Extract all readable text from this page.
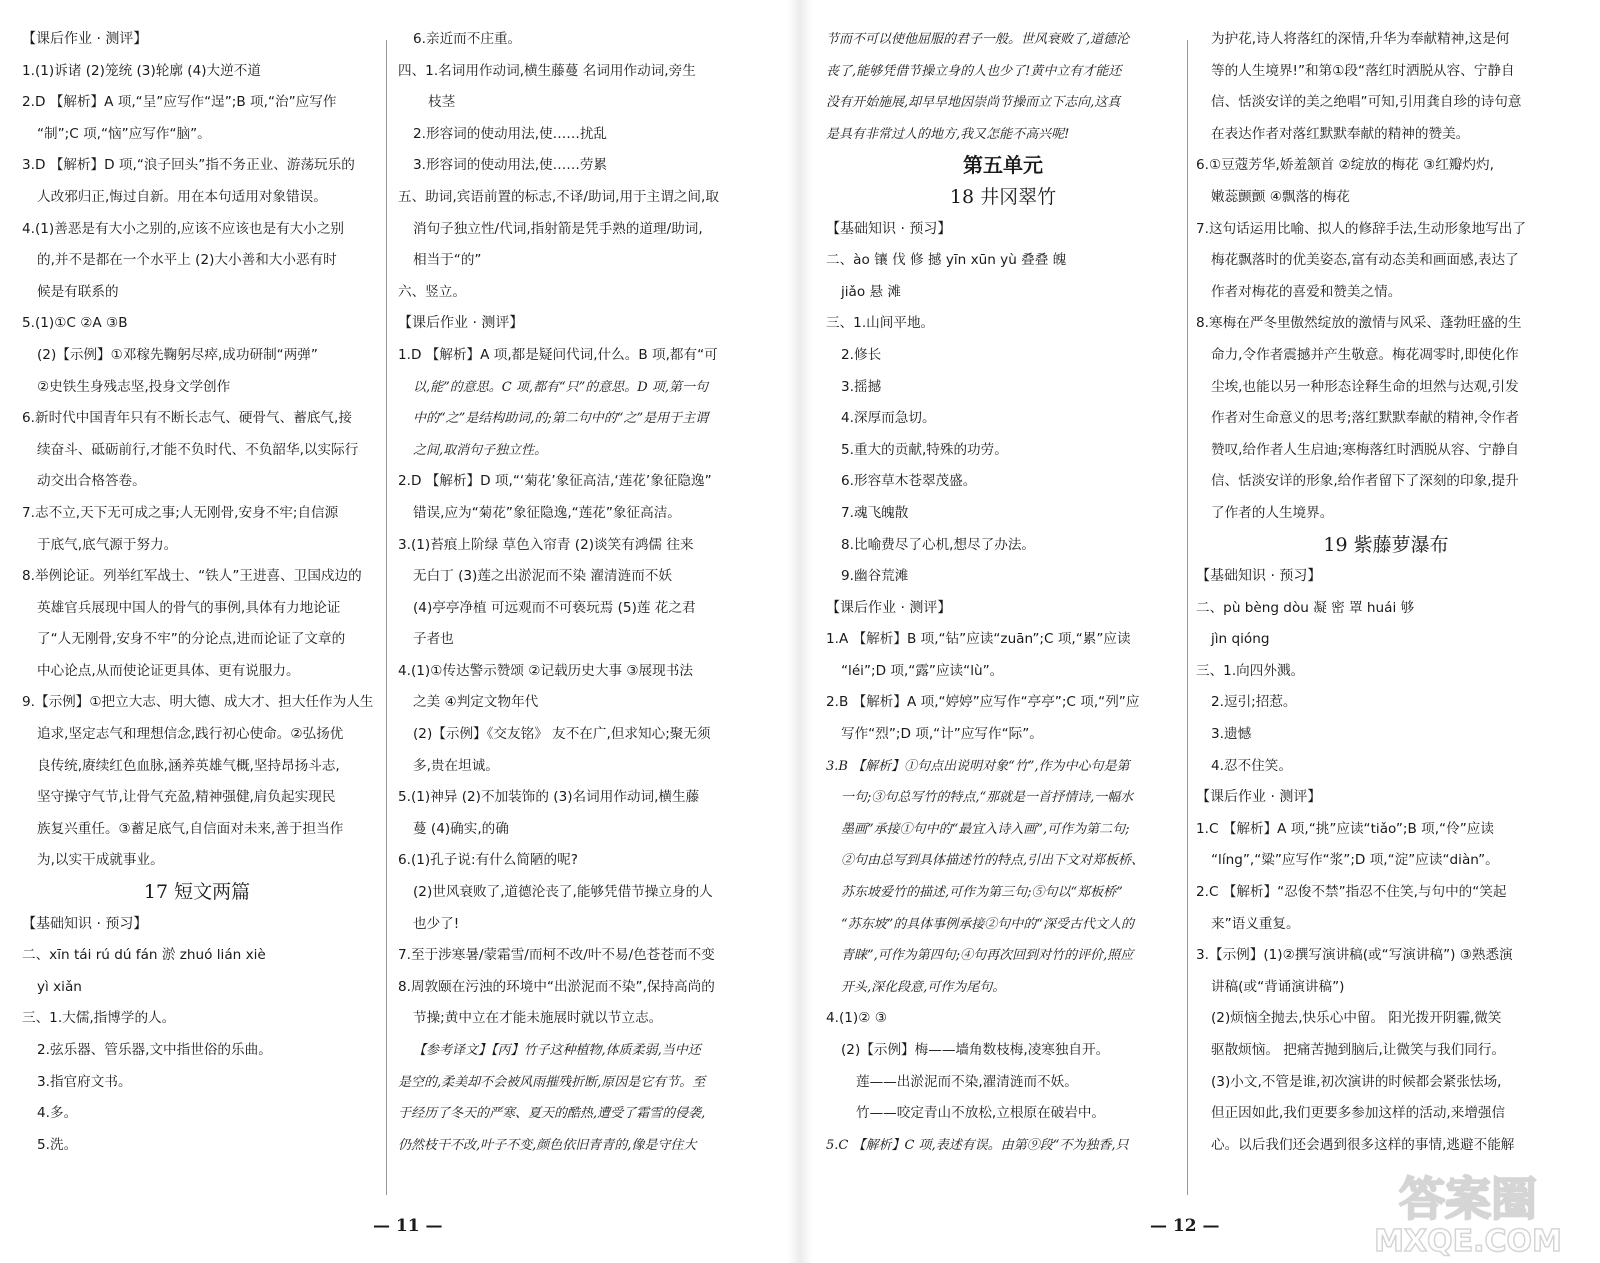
【课后作业 · 测评】

1.(1)诉诸 (2)笼统 (3)轮廓 (4)大逆不道

2.D 【解析】A 项,“呈”应写作“逞”;B 项,“治”应写作

“制”;C 项,“恼”应写作“脑”。

3.D 【解析】D 项,“浪子回头”指不务正业、游荡玩乐的

人改邪归正,悔过自新。用在本句适用对象错误。

4.(1)善恶是有大小之别的,应该不应该也是有大小之别

的,并不是都在一个水平上 (2)大小善和大小恶有时

候是有联系的

5.(1)①C ②A ③B

(2)【示例】①邓稼先鞠躬尽瘁,成功研制“两弹”

②史铁生身残志坚,投身文学创作

6.新时代中国青年只有不断长志气、硬骨气、蓄底气,接

续奋斗、砥砺前行,才能不负时代、不负韶华,以实际行

动交出合格答卷。

7.志不立,天下无可成之事;人无刚骨,安身不牢;自信源

于底气,底气源于努力。

8.举例论证。列举红军战士、“铁人”王进喜、卫国戍边的

英雄官兵展现中国人的骨气的事例,具体有力地论证

了“人无刚骨,安身不牢”的分论点,进而论证了文章的

中心论点,从而使论证更具体、更有说服力。

9.【示例】①把立大志、明大德、成大才、担大任作为人生

追求,坚定志气和理想信念,践行初心使命。②弘扬优

良传统,赓续红色血脉,涵养英雄气概,坚持昂扬斗志,

坚守操守气节,让骨气充盈,精神强健,肩负起实现民

族复兴重任。③蓄足底气,自信面对未来,善于担当作

为,以实干成就事业。

17 短文两篇

【基础知识 · 预习】

二、xīn tái rú dú fán 淤 zhuó lián xiè

yì xiǎn

三、1.大儒,指博学的人。

2.弦乐器、管乐器,文中指世俗的乐曲。

3.指官府文书。

4.多。

5.洗。

6.亲近而不庄重。

四、1.名词用作动词,横生藤蔓 名词用作动词,旁生

枝茎

2.形容词的使动用法,使……扰乱

3.形容词的使动用法,使……劳累

五、助词,宾语前置的标志,不译/助词,用于主谓之间,取

消句子独立性/代词,指射箭是凭手熟的道理/助词,

相当于“的”

六、竖立。

【课后作业 · 测评】

1.D 【解析】A 项,都是疑问代词,什么。B 项,都有“可

以,能”的意思。C 项,都有“只”的意思。D 项,第一句

中的“之”是结构助词,的;第二句中的“之”是用于主谓

之间,取消句子独立性。

2.D 【解析】D 项,“‘菊花’象征高洁,‘莲花’象征隐逸”

错误,应为“菊花”象征隐逸,“莲花”象征高洁。

3.(1)苔痕上阶绿 草色入帘青 (2)谈笑有鸿儒 往来

无白丁 (3)莲之出淤泥而不染 濯清涟而不妖

(4)亭亭净植 可远观而不可亵玩焉 (5)莲 花之君

子者也

4.(1)①传达警示赞颂 ②记载历史大事 ③展现书法

之美 ④判定文物年代

(2)【示例】《交友铭》 友不在广,但求知心;聚无须

多,贵在坦诚。

5.(1)神异 (2)不加装饰的 (3)名词用作动词,横生藤

蔓 (4)确实,的确

6.(1)孔子说:有什么简陋的呢?

(2)世风衰败了,道德沦丧了,能够凭借节操立身的人

也少了!

7.至于涉寒暑/蒙霜雪/而柯不改/叶不易/色苍苍而不变

8.周敦颐在污浊的环境中“出淤泥而不染”,保持高尚的

节操;黄中立在才能未施展时就以节立志。

【参考译文】【丙】竹子这种植物,体质柔弱,当中还

是空的,柔美却不会被风雨摧残折断,原因是它有节。至

于经历了冬天的严寒、夏天的酷热,遭受了霜雪的侵袭,

仍然枝干不改,叶子不变,颜色依旧青青的,像是守住大

节而不可以使他屈服的君子一般。世风衰败了,道德沦

丧了,能够凭借节操立身的人也少了!黄中立有才能还

没有开始施展,却早早地因崇尚节操而立下志向,这真

是具有非常过人的地方,我又怎能不高兴呢!

第五单元

18 井冈翠竹

【基础知识 · 预习】

二、ào 镶 伐 修 撼 yīn xūn yù 叠叠 魄

jiǎo 悬 滩

三、1.山间平地。

2.修长

3.摇撼

4.深厚而急切。

5.重大的贡献,特殊的功劳。

6.形容草木苍翠茂盛。

7.魂飞魄散

8.比喻费尽了心机,想尽了办法。

9.幽谷荒滩

【课后作业 · 测评】

1.A 【解析】B 项,“钻”应读“zuān”;C 项,“累”应读

“léi”;D 项,“露”应读“lù”。

2.B 【解析】A 项,“婷婷”应写作“亭亭”;C 项,“列”应

写作“烈”;D 项,“计”应写作“际”。

3.B 【解析】①句点出说明对象“竹”,作为中心句是第

一句;③句总写竹的特点,“那就是一首抒情诗,一幅水

墨画”承接①句中的“最宜入诗入画”,可作为第二句;

②句由总写到具体描述竹的特点,引出下文对郑板桥、

苏东坡爱竹的描述,可作为第三句;⑤句以“郑板桥”

“苏东坡”的具体事例承接②句中的“深受古代文人的

青睐”,可作为第四句;④句再次回到对竹的评价,照应

开头,深化段意,可作为尾句。

4.(1)② ③

(2)【示例】梅——墙角数枝梅,凌寒独自开。

莲——出淤泥而不染,濯清涟而不妖。

竹——咬定青山不放松,立根原在破岩中。

5.C 【解析】C 项,表述有误。由第⑨段“不为独香,只

为护花,诗人将落红的深情,升华为奉献精神,这是何

等的人生境界!”和第①段“落红时洒脱从容、宁静自

信、恬淡安详的美之绝唱”可知,引用龚自珍的诗句意

在表达作者对落红默默奉献的精神的赞美。

6.①豆蔻芳华,娇羞颔首 ②绽放的梅花 ③红瓣灼灼,

嫩蕊颤颤 ④飘落的梅花

7.这句话运用比喻、拟人的修辞手法,生动形象地写出了

梅花飘落时的优美姿态,富有动态美和画面感,表达了

作者对梅花的喜爱和赞美之情。

8.寒梅在严冬里傲然绽放的激情与风采、蓬勃旺盛的生

命力,令作者震撼并产生敬意。梅花凋零时,即使化作

尘埃,也能以另一种形态诠释生命的坦然与达观,引发

作者对生命意义的思考;落红默默奉献的精神,令作者

赞叹,给作者人生启迪;寒梅落红时洒脱从容、宁静自

信、恬淡安详的形象,给作者留下了深刻的印象,提升

了作者的人生境界。

19 紫藤萝瀑布

【基础知识 · 预习】

二、pù bèng dòu 凝 密 罩 huái 够

jìn qióng

三、1.向四外溅。

2.逗引;招惹。

3.遗憾

4.忍不住笑。

【课后作业 · 测评】

1.C 【解析】A 项,“挑”应读“tiǎo”;B 项,“伶”应读

“líng”,“粱”应写作“浆”;D 项,“淀”应读“diàn”。

2.C 【解析】“忍俊不禁”指忍不住笑,与句中的“笑起

来”语义重复。

3.【示例】(1)②撰写演讲稿(或“写演讲稿”) ③熟悉演

讲稿(或“背诵演讲稿”)

(2)烦恼全抛去,快乐心中留。 阳光拨开阴霾,微笑

驱散烦恼。 把痛苦抛到脑后,让微笑与我们同行。

(3)小文,不管是谁,初次演讲的时候都会紧张怯场,

但正因如此,我们更要多参加这样的活动,来增强信

心。以后我们还会遇到很多这样的事情,逃避不能解

— 11 —	— 12 —	答案圈
MXQE.COM
